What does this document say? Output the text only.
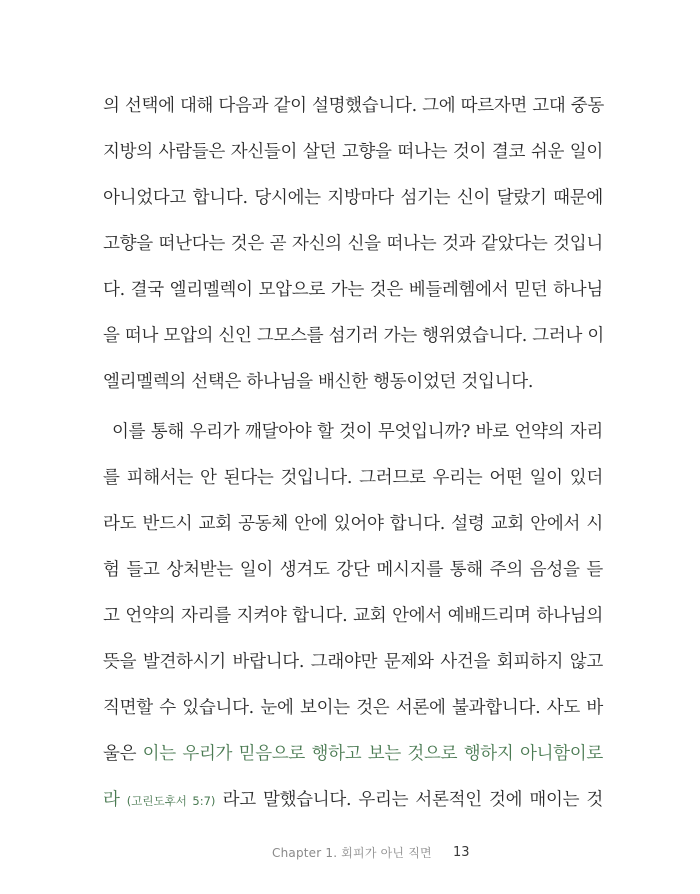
의 선택에 대해 다음과 같이 설명했습니다. 그에 따르자면 고대 중동
지방의 사람들은 자신들이 살던 고향을 떠나는 것이 결코 쉬운 일이
아니었다고 합니다. 당시에는 지방마다 섬기는 신이 달랐기 때문에
고향을 떠난다는 것은 곧 자신의 신을 떠나는 것과 같았다는 것입니
다. 결국 엘리멜렉이 모압으로 가는 것은 베들레헴에서 믿던 하나님
을 떠나 모압의 신인 그모스를 섬기러 가는 행위였습니다. 그러나 이
엘리멜렉의 선택은 하나님을 배신한 행동이었던 것입니다.
이를 통해 우리가 깨달아야 할 것이 무엇입니까? 바로 언약의 자리
를 피해서는 안 된다는 것입니다. 그러므로 우리는 어떤 일이 있더
라도 반드시 교회 공동체 안에 있어야 합니다. 설령 교회 안에서 시
험 들고 상처받는 일이 생겨도 강단 메시지를 통해 주의 음성을 듣
고 언약의 자리를 지켜야 합니다. 교회 안에서 예배드리며 하나님의
뜻을 발견하시기 바랍니다. 그래야만 문제와 사건을 회피하지 않고
직면할 수 있습니다. 눈에 보이는 것은 서론에 불과합니다. 사도 바
울은 이는 우리가 믿음으로 행하고 보는 것으로 행하지 아니함이로
라 (고린도후서 5:7) 라고 말했습니다. 우리는 서론적인 것에 매이는 것
Chapter 1. 회피가 아닌 직면 13
